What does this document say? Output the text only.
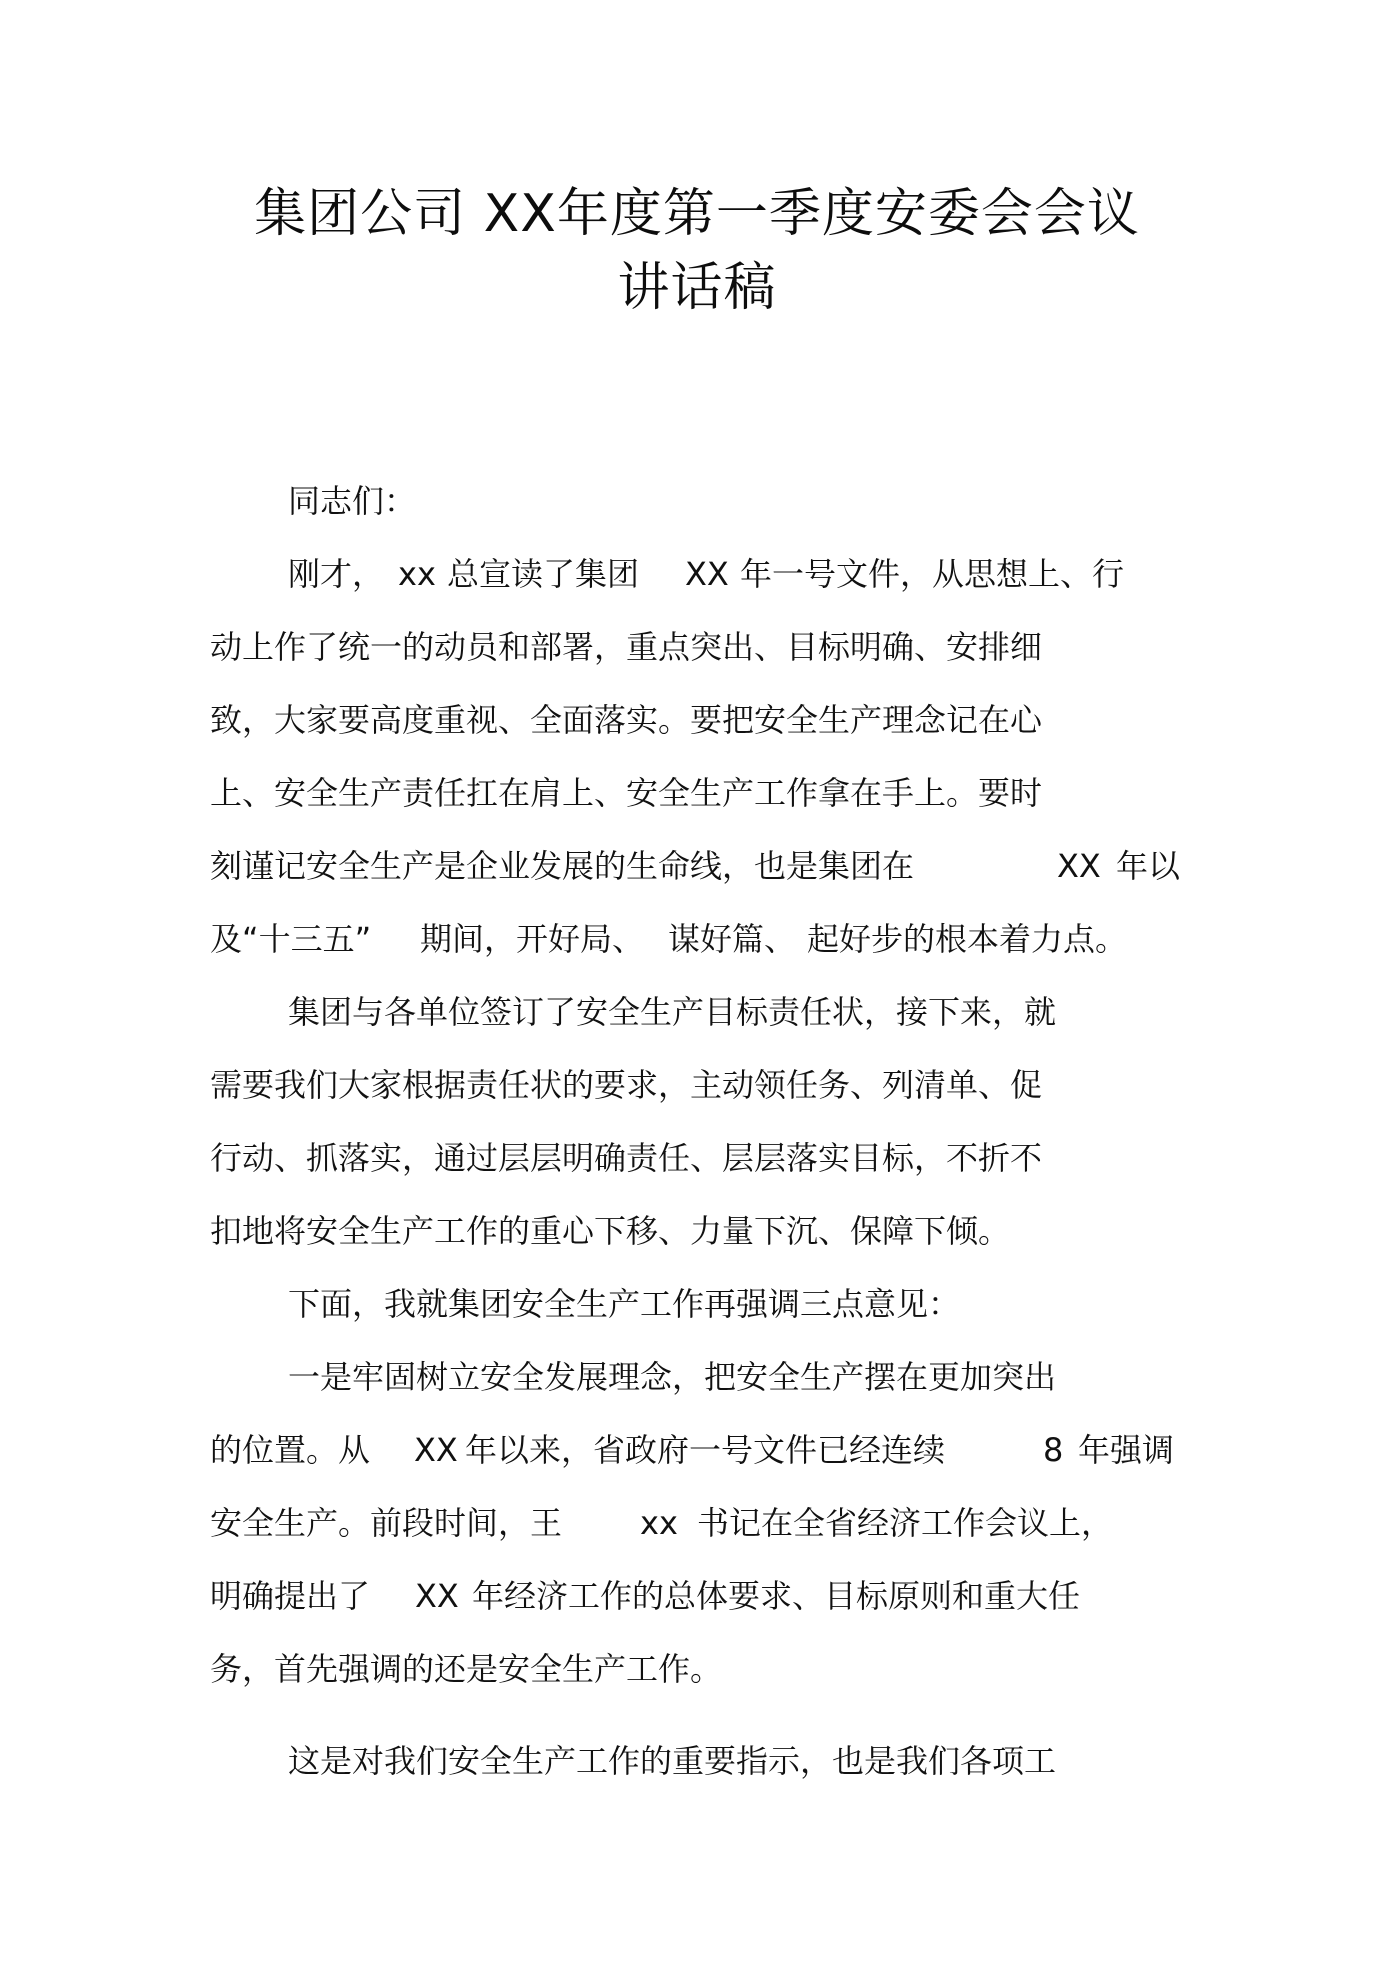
集团公司 XX年度第一季度安委会会议
讲话稿
同志们：
刚才， xx 总宣读了集团 XX 年一号文件，从思想上、行
动上作了统一的动员和部署，重点突出、目标明确、安排细
致，大家要高度重视、全面落实。要把安全生产理念记在心
上、安全生产责任扛在肩上、安全生产工作拿在手上。要时
刻谨记安全生产是企业发展的生命线，也是集团在	XX 年以
及“十三五” 期间，开好局、 谋好篇、 起好步的根本着力点。
集团与各单位签订了安全生产目标责任状，接下来，就
需要我们大家根据责任状的要求，主动领任务、列清单、促
行动、抓落实，通过层层明确责任、层层落实目标，不折不
扣地将安全生产工作的重心下移、力量下沉、保障下倾。
下面，我就集团安全生产工作再强调三点意见：
一是牢固树立安全发展理念，把安全生产摆在更加突出
的位置。从 XX 年以来，省政府一号文件已经连续	8 年强调
安全生产。前段时间，王 xx 书记在全省经济工作会议上，
明确提出了 XX 年经济工作的总体要求、目标原则和重大任
务，首先强调的还是安全生产工作。
这是对我们安全生产工作的重要指示，也是我们各项工
